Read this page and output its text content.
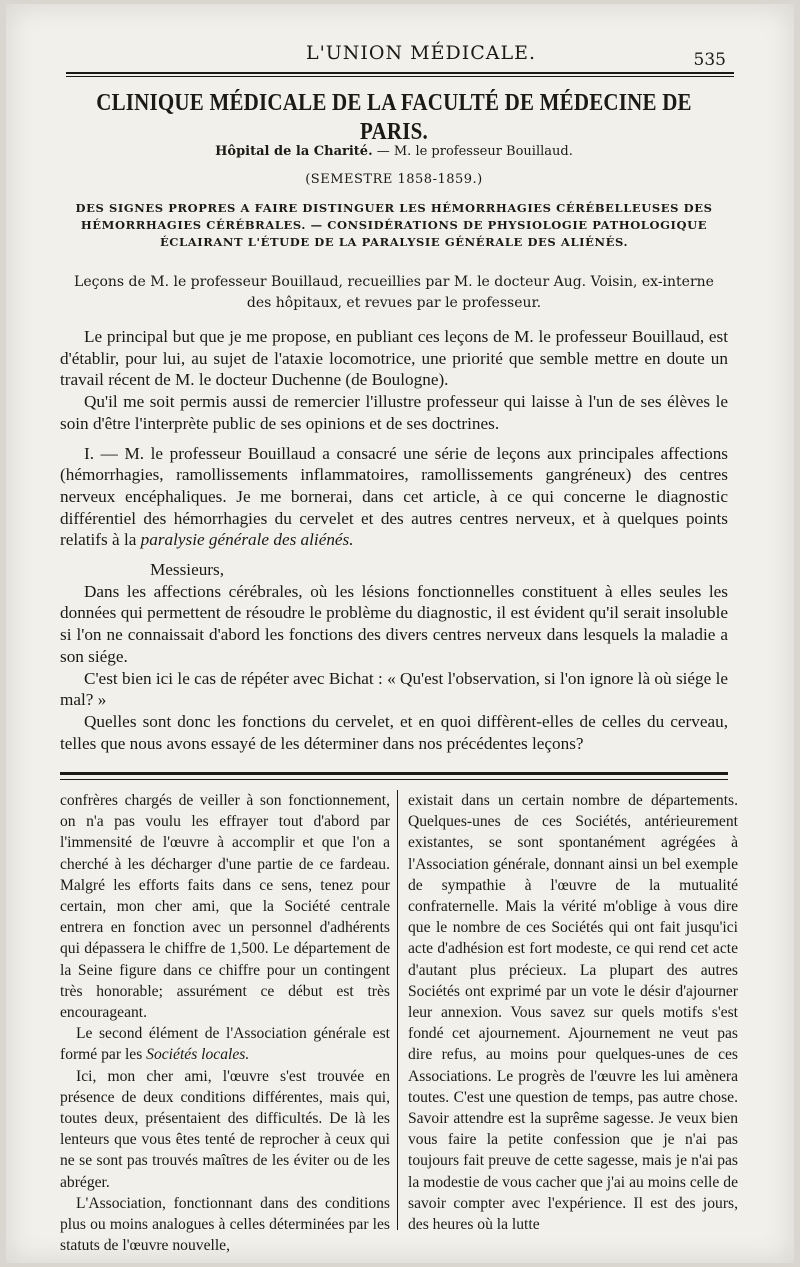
L'UNION MÉDICALE.	535
CLINIQUE MÉDICALE DE LA FACULTÉ DE MÉDECINE DE PARIS.
Hôpital de la Charité. — M. le professeur Bouillaud.
(SEMESTRE 1858-1859.)
DES SIGNES PROPRES A FAIRE DISTINGUER LES HÉMORRHAGIES CÉRÉBELLEUSES DES
HÉMORRHAGIES CÉRÉBRALES. — CONSIDÉRATIONS DE PHYSIOLOGIE PATHOLOGIQUE
ÉCLAIRANT L'ÉTUDE DE LA PARALYSIE GÉNÉRALE DES ALIÉNÉS.
Leçons de M. le professeur Bouillaud, recueillies par M. le docteur Aug. Voisin, ex-interne
des hôpitaux, et revues par le professeur.

Le principal but que je me propose, en publiant ces leçons de M. le professeur Bouillaud, est d'établir, pour lui, au sujet de l'ataxie locomotrice, une priorité que semble mettre en doute un travail récent de M. le docteur Duchenne (de Boulogne).

Qu'il me soit permis aussi de remercier l'illustre professeur qui laisse à l'un de ses élèves le soin d'être l'interprète public de ses opinions et de ses doctrines.

I. — M. le professeur Bouillaud a consacré une série de leçons aux principales affections (hémorrhagies, ramollissements inflammatoires, ramollissements gangréneux) des centres nerveux encéphaliques. Je me bornerai, dans cet article, à ce qui concerne le diagnostic différentiel des hémorrhagies du cervelet et des autres centres nerveux, et à quelques points relatifs à la paralysie générale des aliénés.

Messieurs,

Dans les affections cérébrales, où les lésions fonctionnelles constituent à elles seules les données qui permettent de résoudre le problème du diagnostic, il est évident qu'il serait insoluble si l'on ne connaissait d'abord les fonctions des divers centres nerveux dans lesquels la maladie a son siége.

C'est bien ici le cas de répéter avec Bichat : « Qu'est l'observation, si l'on ignore là où siége le mal? »

Quelles sont donc les fonctions du cervelet, et en quoi diffèrent-elles de celles du cerveau, telles que nous avons essayé de les déterminer dans nos précédentes leçons?

confrères chargés de veiller à son fonctionnement, on n'a pas voulu les effrayer tout d'abord par l'immensité de l'œuvre à accomplir et que l'on a cherché à les décharger d'une partie de ce fardeau. Malgré les efforts faits dans ce sens, tenez pour certain, mon cher ami, que la Société centrale entrera en fonction avec un personnel d'adhérents qui dépassera le chiffre de 1,500. Le département de la Seine figure dans ce chiffre pour un contingent très honorable; assurément ce début est très encourageant.

Le second élément de l'Association générale est formé par les Sociétés locales.

Ici, mon cher ami, l'œuvre s'est trouvée en présence de deux conditions différentes, mais qui, toutes deux, présentaient des difficultés. De là les lenteurs que vous êtes tenté de reprocher à ceux qui ne se sont pas trouvés maîtres de les éviter ou de les abréger.

L'Association, fonctionnant dans des conditions plus ou moins analogues à celles déterminées par les statuts de l'œuvre nouvelle,

existait dans un certain nombre de départements. Quelques-unes de ces Sociétés, antérieurement existantes, se sont spontanément agrégées à l'Association générale, donnant ainsi un bel exemple de sympathie à l'œuvre de la mutualité confraternelle. Mais la vérité m'oblige à vous dire que le nombre de ces Sociétés qui ont fait jusqu'ici acte d'adhésion est fort modeste, ce qui rend cet acte d'autant plus précieux. La plupart des autres Sociétés ont exprimé par un vote le désir d'ajourner leur annexion. Vous savez sur quels motifs s'est fondé cet ajournement. Ajournement ne veut pas dire refus, au moins pour quelques-unes de ces Associations. Le progrès de l'œuvre les lui amènera toutes. C'est une question de temps, pas autre chose. Savoir attendre est la suprême sagesse. Je veux bien vous faire la petite confession que je n'ai pas toujours fait preuve de cette sagesse, mais je n'ai pas la modestie de vous cacher que j'ai au moins celle de savoir compter avec l'expérience. Il est des jours, des heures où la lutte
